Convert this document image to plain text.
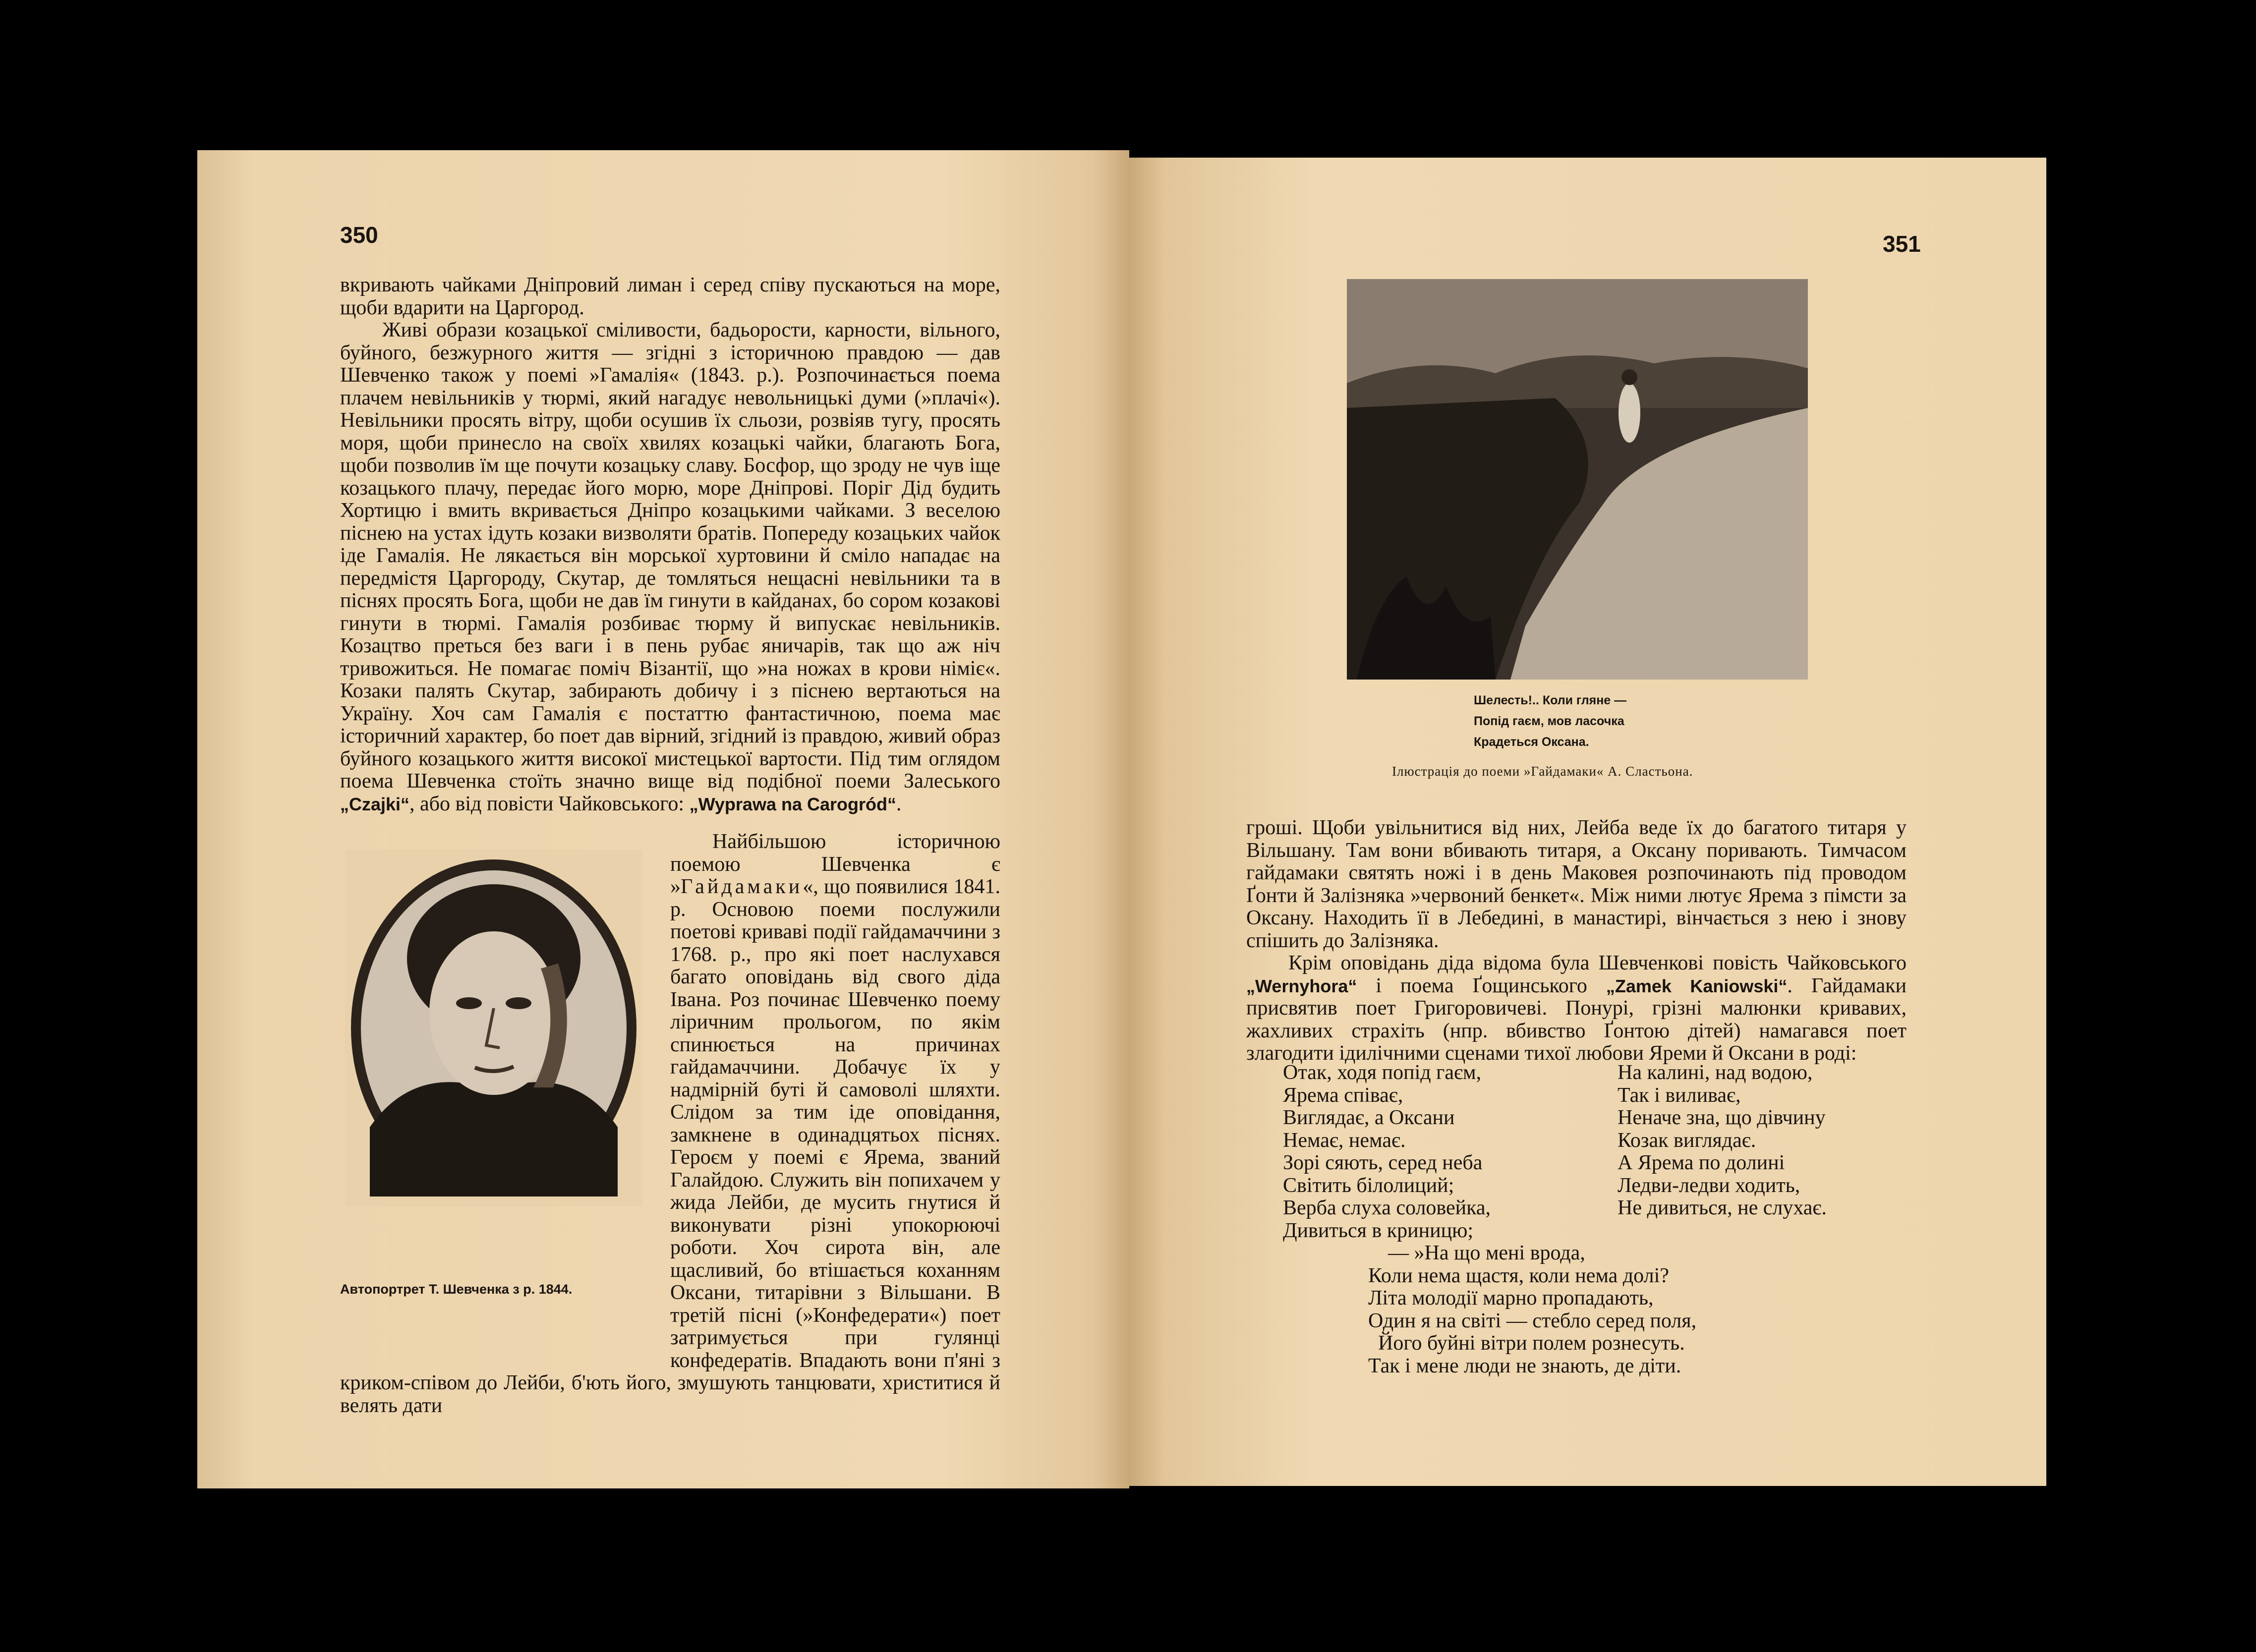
350

вкривають чайками Дніпровий лиман і серед співу пускаються на море, щоби вдарити на Царгород.

Живі образи козацької сміливости, бадьорости, карности, вільного, буйного, безжурного життя — згідні з історичною правдою — дав Шевченко також у поемі »Гамалія« (1843. р.). Розпочинається поема плачем невільників у тюрмі, який нагадує невольницькі думи (»плачі«). Невільники просять вітру, щоби осушив їх сльози, розвіяв тугу, просять моря, щоби принесло на своїх хвилях козацькі чайки, благають Бога, щоби позволив їм ще почути козацьку славу. Босфор, що зроду не чув іще козацького плачу, передає його морю, море Дніпрові. Поріг Дід будить Хортицю і вмить вкривається Дніпро козацькими чайками. З веселою піснею на устах ідуть козаки визволяти братів. Попереду козацьких чайок іде Гамалія. Не лякається він морської хуртовини й сміло нападає на передмістя Царгороду, Скутар, де томляться нещасні невільники та в піснях просять Бога, щоби не дав їм гинути в кайданах, бо сором козакові гинути в тюрмі. Гамалія розбиває тюрму й випускає невільників. Козацтво преться без ваги і в пень рубає яничарів, так що аж ніч тривожиться. Не помагає поміч Візантії, що »на ножах в крови німіє«. Козаки палять Скутар, забирають добичу і з піснею вертаються на Україну. Хоч сам Гамалія є постаттю фантастичною, поема має історичний характер, бо поет дав вірний, згідний із правдою, живий образ буйного козацького життя високої мистецької вартости. Під тим оглядом поема Шевченка стоїть значно вище від подібної поеми Залеського „Czajki“, або від повісти Чайковського: „Wyprawa na Carogród“.

Автопортрет Т. Шевченка з р. 1844.

Найбільшою історичною поемою Шевченка є »Гайдамаки«, що появилися 1841. р. Основою поеми послужили поетові криваві події гайдамаччини з 1768. р., про які поет наслухався багато оповідань від свого діда Івана. Роз починає Шевченко поему ліричним прольогом, по якім спинюється на причинах гайдамаччини. Добачує їх у надмірній буті й самоволі шляхти. Слідом за тим іде оповідання, замкнене в одинадцятьох піснях. Героєм у поемі є Ярема, званий Галайдою. Служить він попихачем у жида Лейби, де мусить гнутися й виконувати різні упокорюючі роботи. Хоч сирота він, але щасливий, бо втішається коханням Оксани, титарівни з Вільшани. В третій пісні (»Конфедерати«) поет затримується при гулянці конфедератів. Впадають вони п'яні з криком-співом до Лейби, б'ють його, змушують танцювати, христитися й велять дати

351
Шелесть!.. Коли гляне —
Попід гаєм, мов ласочка
Крадеться Оксана.
Ілюстрація до поеми »Гайдамаки« А. Сластьона.

гроші. Щоби увільнитися від них, Лейба веде їх до багатого титаря у Вільшану. Там вони вбивають титаря, а Оксану поривають. Тимчасом гайдамаки святять ножі і в день Маковея розпочинають під проводом Ґонти й Залізняка »червоний бенкет«. Між ними лютує Ярема з пімсти за Оксану. Находить її в Лебедині, в манастирі, вінчається з нею і знову спішить до Залізняка.

Крім оповідань діда відома була Шевченкові повість Чайковського „Wernyhora“ і поема Ґощинського „Zamek Kaniowski“. Гайдамаки присвятив поет Григоровичеві. Понурі, грізні малюнки кривавих, жахливих страхіть (нпр. вбивство Ґонтою дітей) намагався поет злагодити ідилічними сценами тихої любови Яреми й Оксани в роді:

Отак, ходя попід гаєм,
Ярема співає,
Виглядає, а Оксани
Немає, немає.
Зорі сяють, серед неба
Світить білолиций;
Верба слуха соловейка,
Дивиться в криницю;
На калині, над водою,
Так і виливає,
Неначе зна, що дівчину
Козак виглядає.
А Ярема по долині
Ледви-ледви ходить,
Не дивиться, не слухає.
— »На що мені врода,
Коли нема щастя, коли нема долі?
Літа молодії марно пропадають,
Один я на світі — стебло серед поля,
Його буйні вітри полем рознесуть.
Так і мене люди не знають, де діти.
